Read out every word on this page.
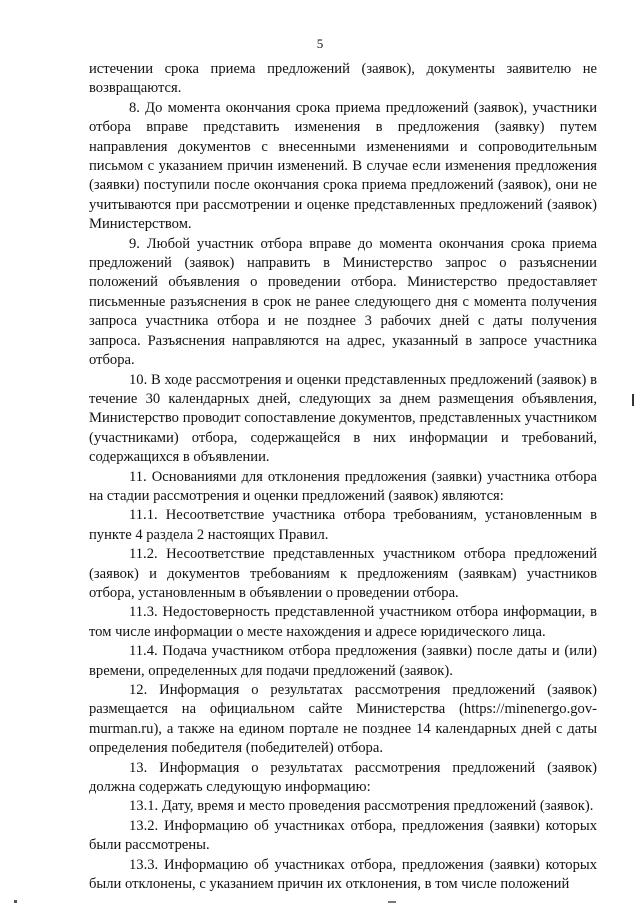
5

истечении срока приема предложений (заявок), документы заявителю не возвращаются.

8. До момента окончания срока приема предложений (заявок), участники отбора вправе представить изменения в предложения (заявку) путем направления документов с внесенными изменениями и сопроводительным письмом с указанием причин изменений. В случае если изменения предложения (заявки) поступили после окончания срока приема предложений (заявок), они не учитываются при рассмотрении и оценке представленных предложений (заявок) Министерством.

9. Любой участник отбора вправе до момента окончания срока приема предложений (заявок) направить в Министерство запрос о разъяснении положений объявления о проведении отбора. Министерство предоставляет письменные разъяснения в срок не ранее следующего дня с момента получения запроса участника отбора и не позднее 3 рабочих дней с даты получения запроса. Разъяснения направляются на адрес, указанный в запросе участника отбора.

10. В ходе рассмотрения и оценки представленных предложений (заявок) в течение 30 календарных дней, следующих за днем размещения объявления, Министерство проводит сопоставление документов, представленных участником (участниками) отбора, содержащейся в них информации и требований, содержащихся в объявлении.

11. Основаниями для отклонения предложения (заявки) участника отбора на стадии рассмотрения и оценки предложений (заявок) являются:

11.1. Несоответствие участника отбора требованиям, установленным в пункте 4 раздела 2 настоящих Правил.

11.2. Несоответствие представленных участником отбора предложений (заявок) и документов требованиям к предложениям (заявкам) участников отбора, установленным в объявлении о проведении отбора.

11.3. Недостоверность представленной участником отбора информации, в том числе информации о месте нахождения и адресе юридического лица.

11.4. Подача участником отбора предложения (заявки) после даты и (или) времени, определенных для подачи предложений (заявок).

12. Информация о результатах рассмотрения предложений (заявок) размещается на официальном сайте Министерства (https://minenergo.gov-murman.ru), а также на едином портале не позднее 14 календарных дней с даты определения победителя (победителей) отбора.

13. Информация о результатах рассмотрения предложений (заявок) должна содержать следующую информацию:

13.1. Дату, время и место проведения рассмотрения предложений (заявок).

13.2. Информацию об участниках отбора, предложения (заявки) которых были рассмотрены.

13.3. Информацию об участниках отбора, предложения (заявки) которых были отклонены, с указанием причин их отклонения, в том числе положений
